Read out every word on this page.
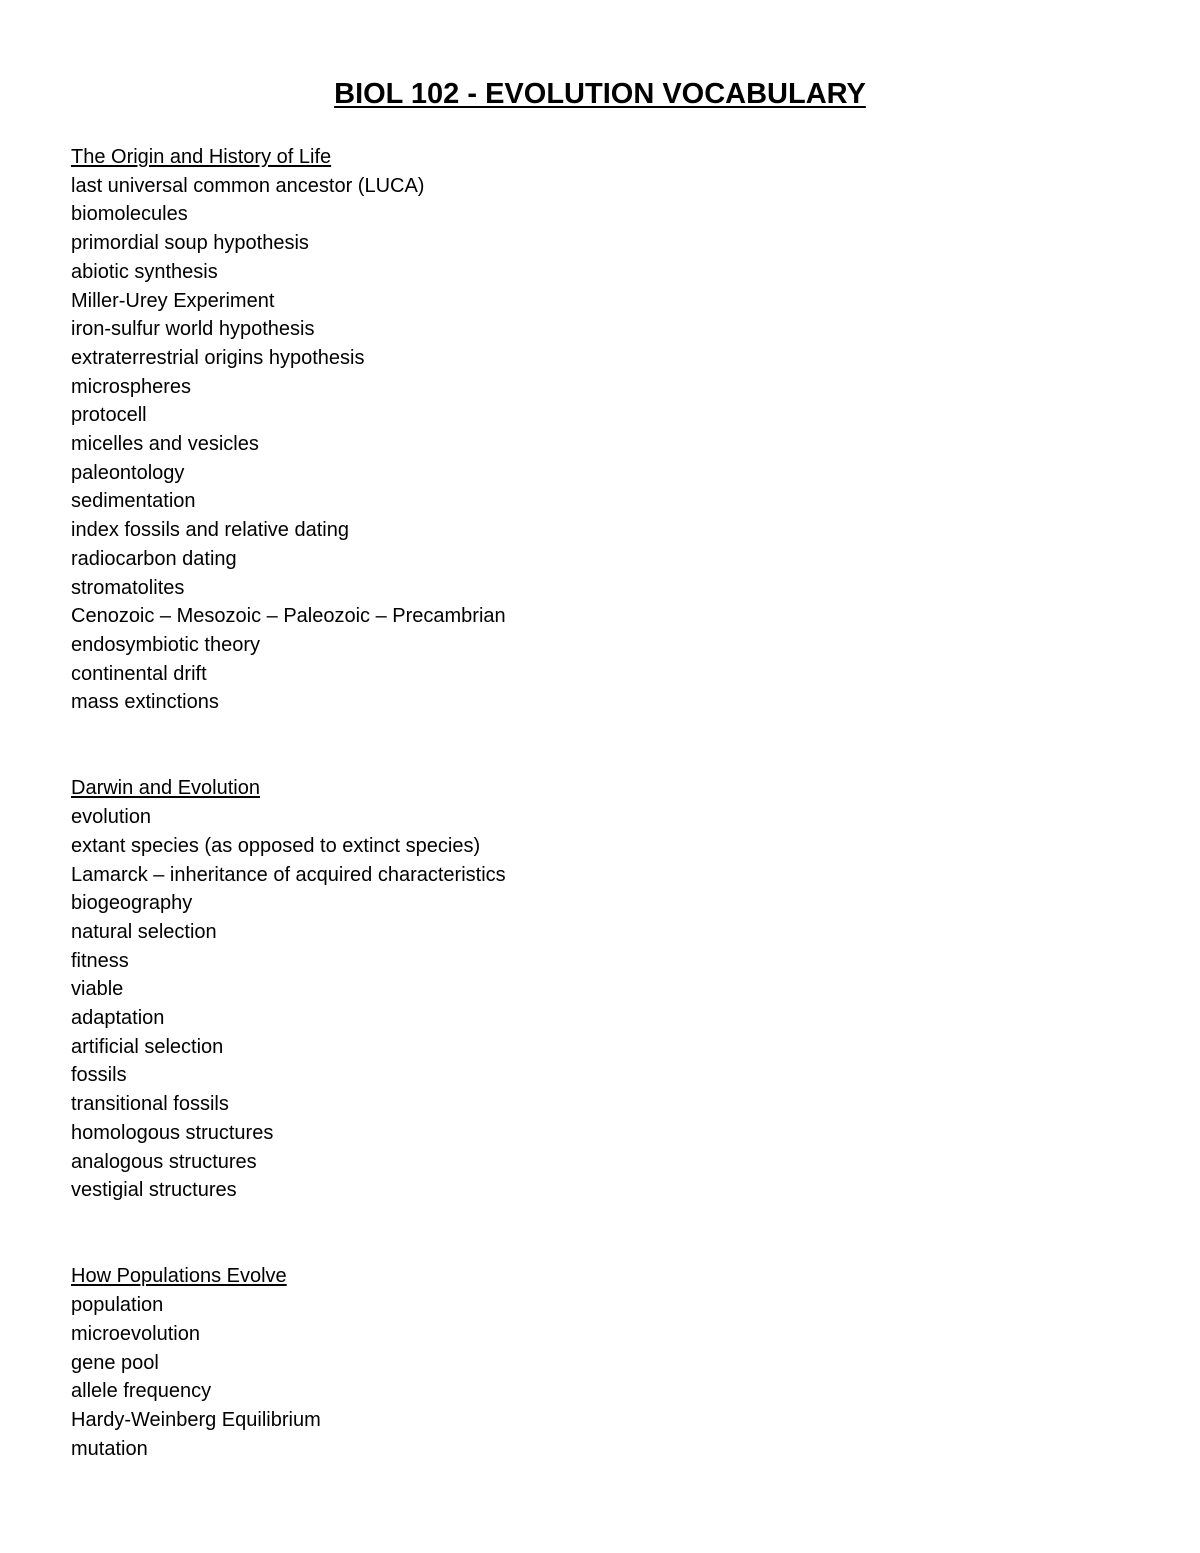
BIOL 102 - EVOLUTION VOCABULARY
The Origin and History of Life
last universal common ancestor (LUCA)
biomolecules
primordial soup hypothesis
abiotic synthesis
Miller-Urey Experiment
iron-sulfur world hypothesis
extraterrestrial origins hypothesis
microspheres
protocell
micelles and vesicles
paleontology
sedimentation
index fossils and relative dating
radiocarbon dating
stromatolites
Cenozoic – Mesozoic – Paleozoic – Precambrian
endosymbiotic theory
continental drift
mass extinctions
Darwin and Evolution
evolution
extant species (as opposed to extinct species)
Lamarck – inheritance of acquired characteristics
biogeography
natural selection
fitness
viable
adaptation
artificial selection
fossils
transitional fossils
homologous structures
analogous structures
vestigial structures
How Populations Evolve
population
microevolution
gene pool
allele frequency
Hardy-Weinberg Equilibrium
mutation
